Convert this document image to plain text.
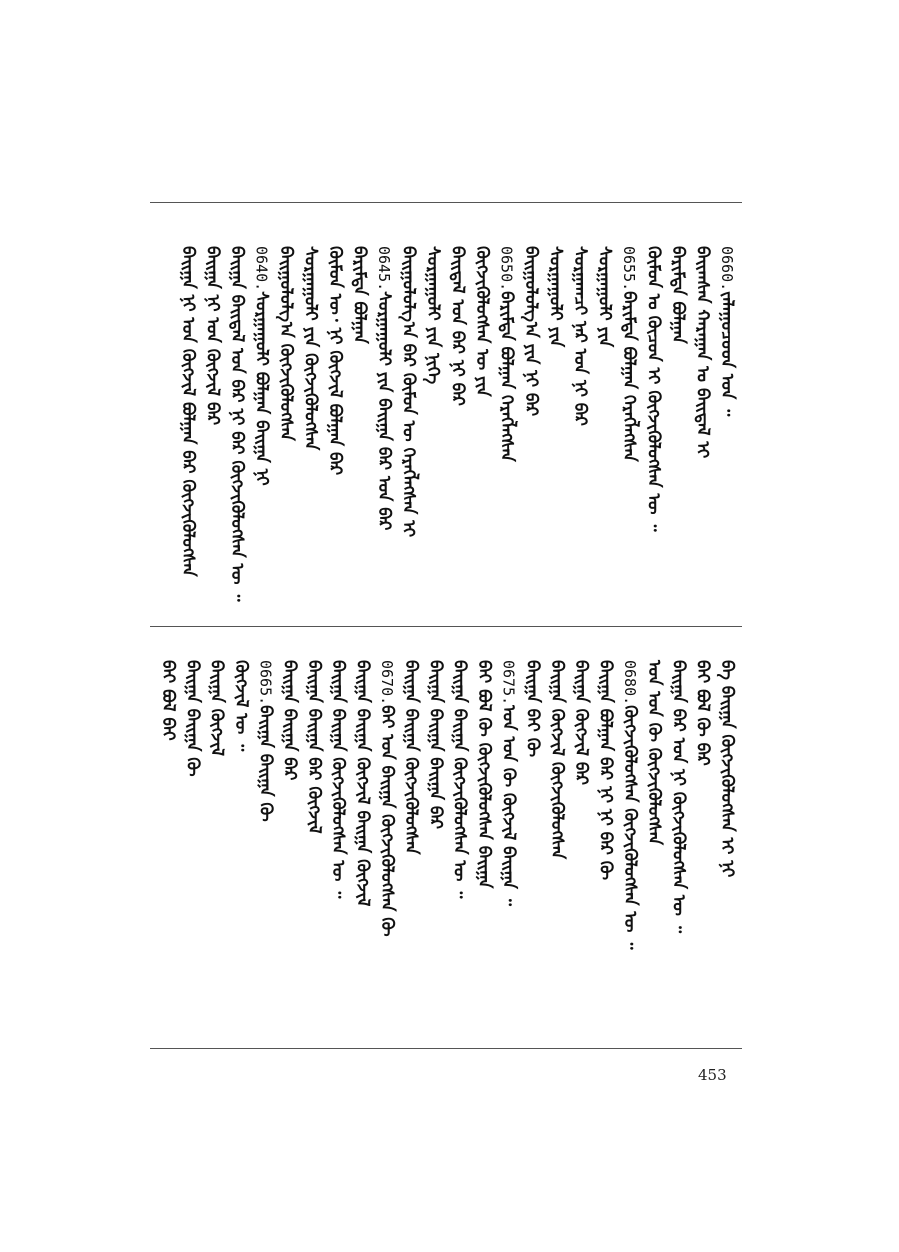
0660.ᠵᠠᠯᠠᠭᠤᠴᠤᠳ ᠤᠨ ᠃
ᠪᠠᠢᠭᠰᠠᠨ ᠬᠠᠷᠠᠭᠠᠨ ᠤ ᠪᠠᠢᠳᠠᠯ ᠢ
ᠪᠠᠷᠢᠮᠲᠠ ᠪᠣᠯᠭᠠᠨ
ᠬᠦᠮᠦᠨ ᠤ ᠬᠦᠴᠦᠨ ᠢ ᠬᠦᠭᠵᠢᠭᠦᠯᠦᠭᠰᠡᠨ ᠦ ᠃
0655.ᠪᠠᠷᠢᠮᠲᠠ ᠪᠣᠯᠭᠠᠨ ᠬᠡᠷᠡᠭᠯᠡᠭᠰᠡᠨ
ᠰᠤᠷᠭᠠᠭᠤᠯᠢ ᠶᠢᠨ
ᠰᠤᠷᠭᠠᠭᠴᠢ ᠨᠠᠷ ᠤᠨ ᠨᠢ ᠪᠡᠷ
ᠰᠤᠷᠭᠠᠭᠤᠯᠢ ᠶᠢᠨ
ᠪᠠᠢᠭᠤᠯᠤᠯᠭ᠎ᠠ ᠶᠢᠨ ᠨᠢ ᠪᠡᠷ
0650.ᠪᠠᠷᠢᠮᠲᠠ ᠪᠣᠯᠭᠠᠨ ᠬᠡᠷᠡᠭᠯᠡᠭᠰᠡᠨ
ᠬᠦᠭᠵᠢᠭᠦᠯᠦᠭᠰᠡᠨ ᠦ ᠶᠢᠨ
ᠪᠠᠢᠳᠠᠯ ᠤᠨ ᠪᠡᠷ ᠨᠢ ᠪᠡᠷ
ᠰᠤᠷᠭᠠᠭᠤᠯᠢ ᠶᠢᠨ ᠨᠢᠭᠡ
ᠪᠠᠢᠭᠤᠯᠤᠯᠭ᠎ᠠ ᠪᠠᠷ ᠬᠦᠮᠦᠨ ᠦ ᠬᠡᠷᠡᠭᠯᠡᠭᠰᠡᠨ ᠢ
0645.ᠰᠤᠷᠭᠠᠭᠤᠯᠢ ᠶᠢᠨ ᠪᠠᠢᠭᠠ ᠪᠡᠷ ᠤᠨ ᠪᠡᠷ
ᠪᠠᠷᠢᠮᠲᠠ ᠪᠣᠯᠭᠠᠨ
ᠬᠦᠮᠦᠨ ᠦ᠂ ᠨᠢ ᠬᠦᠭᠵᠢᠯ ᠪᠣᠯᠭᠠᠨ ᠪᠠᠷ
ᠰᠤᠷᠭᠠᠭᠤᠯᠢ ᠶᠢᠨ ᠬᠦᠭᠵᠢᠭᠦᠯᠦᠭᠰᠡᠨ
ᠪᠠᠢᠭᠤᠯᠤᠯᠭ᠎ᠠ ᠬᠦᠭᠵᠢᠭᠦᠯᠦᠭᠰᠡᠨ
0640.ᠰᠤᠷᠭᠠᠭᠤᠯᠢ ᠪᠣᠯᠭᠠᠨ ᠪᠠᠢᠭᠠ ᠨᠢ
ᠪᠠᠢᠭᠠ ᠪᠠᠢᠳᠠᠯ ᠤᠨ ᠪᠠᠷ ᠨᠢ ᠪᠡᠷ ᠬᠦᠭᠵᠢᠭᠦᠯᠦᠭᠰᠡᠨ ᠦ ᠃
ᠪᠠᠢᠭᠠ ᠨᠢ ᠤᠨ ᠬᠦᠭᠵᠢᠯ ᠪᠡᠷ
ᠪᠠᠢᠭᠠ ᠨᠢ ᠤᠨ ᠬᠦᠭᠵᠢᠯ ᠪᠣᠯᠭᠠᠨ ᠪᠠᠷ ᠬᠦᠭᠵᠢᠭᠦᠯᠦᠭᠰᠡᠨ
ᠪᠡ ᠪᠠᠢᠭᠠ ᠬᠦᠭᠵᠢᠭᠦᠯᠦᠭᠰᠡᠨ ᠢ ᠨᠢ
ᠪᠠᠢ ᠪᠣᠯ ᠬᠦ ᠪᠡᠷ
ᠪᠠᠢᠭᠠ ᠪᠡᠷ ᠤᠨ ᠨᠢ ᠬᠦᠭᠵᠢᠭᠦᠯᠦᠭᠰᠡᠨ ᠦ ᠃
ᠤᠨ ᠤᠨ ᠬᠦ ᠬᠦᠭᠵᠢᠭᠦᠯᠦᠭᠰᠡᠨ
0680.ᠬᠦᠭᠵᠢᠭᠦᠯᠦᠭᠰᠡᠨ ᠬᠦᠭᠵᠢᠭᠦᠯᠦᠭᠰᠡᠨ ᠦ ᠃
ᠪᠠᠢᠭᠠ ᠪᠣᠯᠭᠠᠨ ᠪᠠᠷ ᠨᠢ ᠨᠢ ᠪᠡᠷ ᠬᠦ
ᠪᠠᠢᠭᠠ ᠬᠦᠭᠵᠢᠯ ᠪᠠᠷ
ᠪᠠᠢᠭᠠ ᠬᠦᠭᠵᠢᠯ ᠬᠦᠭᠵᠢᠭᠦᠯᠦᠭᠰᠡᠨ
ᠪᠠᠢᠭᠠ ᠪᠠᠢ ᠬᠦ
0675.ᠤᠨ ᠤᠨ ᠬᠦ ᠬᠦᠭᠵᠢᠯ ᠪᠠᠢᠭᠠ ᠃
ᠪᠠᠢ ᠪᠣᠯ ᠬᠦ ᠬᠦᠭᠵᠢᠭᠦᠯᠦᠭᠰᠡᠨ ᠪᠠᠢᠭᠠ
ᠪᠠᠢᠭᠠ ᠪᠠᠢᠭᠠ ᠬᠦᠭᠵᠢᠭᠦᠯᠦᠭᠰᠡᠨ ᠦ ᠃
ᠪᠠᠢᠭᠠ ᠪᠠᠢᠭᠠ ᠪᠠᠢᠭᠠ ᠪᠡᠷ
ᠪᠠᠢᠭᠠ ᠪᠠᠢᠭᠠ ᠬᠦᠭᠵᠢᠭᠦᠯᠦᠭᠰᠡᠨ
0670.ᠪᠠᠢ ᠤᠨ ᠪᠠᠢᠭᠠ ᠬᠦᠭᠵᠢᠭᠦᠯᠦᠭᠰᠡᠨ ᠬᠦ
ᠪᠠᠢᠭᠠ ᠪᠠᠢᠭᠠ ᠬᠦᠭᠵᠢᠯ ᠪᠠᠢᠭᠠ ᠬᠦᠭᠵᠢᠯ
ᠪᠠᠢᠭᠠ ᠪᠠᠢᠭᠠ ᠬᠦᠭᠵᠢᠭᠦᠯᠦᠭᠰᠡᠨ ᠦ ᠃
ᠪᠠᠢᠭᠠ ᠪᠠᠢᠭᠠ ᠪᠡᠷ ᠬᠦᠭᠵᠢᠯ
ᠪᠠᠢᠭᠠ ᠪᠠᠢᠭᠠ ᠪᠡᠷ
0665.ᠪᠠᠢᠭᠠ ᠪᠠᠢᠭᠠ ᠬᠦ
ᠬᠦᠭᠵᠢᠯ ᠦ ᠃
ᠪᠠᠢᠭᠠ ᠬᠦᠭᠵᠢᠯ
ᠪᠠᠢᠭᠠ ᠪᠠᠢᠭᠠ ᠬᠦ
ᠪᠠᠢ ᠪᠣᠯ ᠪᠠᠢ
453
